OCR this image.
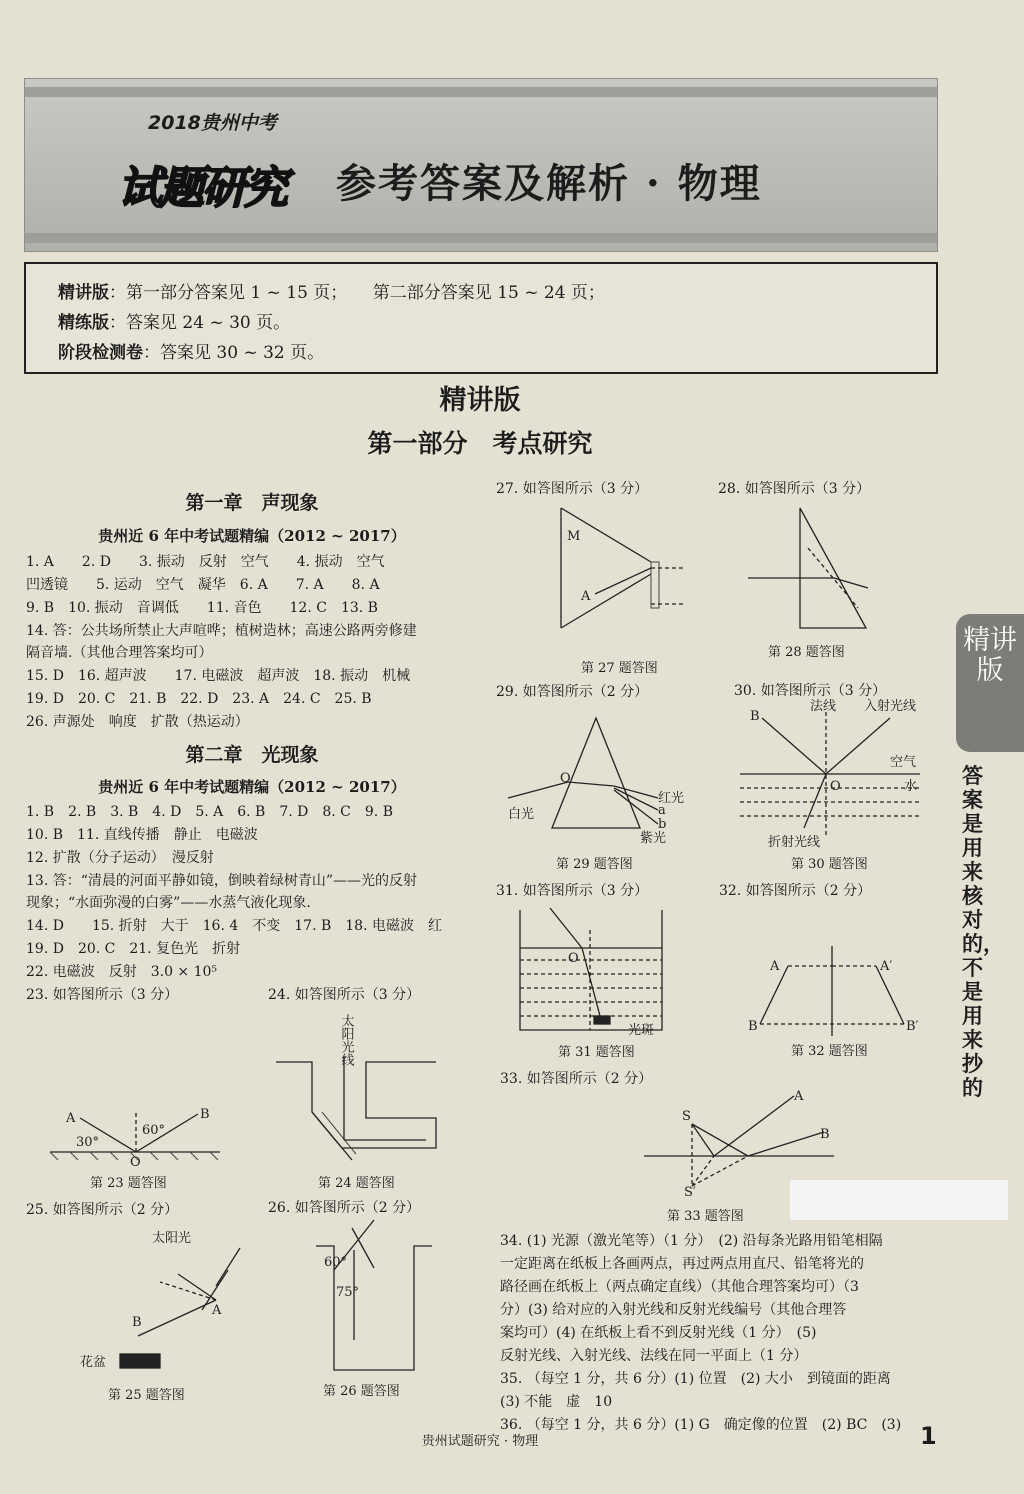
2018贵州中考
试题研究 参考答案及解析 · 物理
精讲版：第一部分答案见 1 ~ 15 页；　　第二部分答案见 15 ~ 24 页；
精练版：答案见 24 ~ 30 页。
阶段检测卷：答案见 30 ~ 32 页。
精讲版
第一部分　考点研究
第一章　声现象
贵州近 6 年中考试题精编（2012 ~ 2017）
1. A　　2. D　　3. 振动　反射　空气　　4. 振动　空气
凹透镜　　5. 运动　空气　凝华　6. A　　7. A　　8. A
9. B　10. 振动　音调低　　11. 音色　　12. C　13. B
14. 答：公共场所禁止大声喧哗；植树造林；高速公路两旁修建
隔音墙.（其他合理答案均可）
15. D　16. 超声波　　17. 电磁波　超声波　18. 振动　机械
19. D　20. C　21. B　22. D　23. A　24. C　25. B
26. 声源处　响度　扩散（热运动）
第二章　光现象
贵州近 6 年中考试题精编（2012 ~ 2017）
1. B　2. B　3. B　4. D　5. A　6. B　7. D　8. C　9. B
10. B　11. 直线传播　静止　电磁波
12. 扩散（分子运动）　漫反射
13. 答：“清晨的河面平静如镜，倒映着绿树青山”——光的反射
现象；“水面弥漫的白雾”——水蒸气液化现象.
14. D　　15. 折射　大于　16. 4　不变　17. B　18. 电磁波　红
19. D　20. C　21. 复色光　折射
22. 电磁波　反射　3.0 × 10⁵
23. 如答图所示（3 分）	24. 如答图所示（3 分）
A	B
O
30°
60°
第 23 题答图
太阳光线
第 24 题答图
25. 如答图所示（2 分）	26. 如答图所示（2 分）
太阳光
A
B
花盆
第 25 题答图
60°
75°
第 26 题答图
27. 如答图所示（3 分）	28. 如答图所示（3 分）
M
A
第 27 题答图
第 28 题答图
29. 如答图所示（2 分）	30. 如答图所示（3 分）
O
白光
红光
紫光
a
b
第 29 题答图
B
法线 入射光线
空气
水
O
折射光线
第 30 题答图
31. 如答图所示（3 分）	32. 如答图所示（2 分）
O
光斑
第 31 题答图
A	A′
B	B′
第 32 题答图
33. 如答图所示（2 分）
S
S′
A
B
第 33 题答图
34. (1) 光源（激光笔等）（1 分）　(2) 沿每条光路用铅笔相隔
一定距离在纸板上各画两点，再过两点用直尺、铅笔将光的
路径画在纸板上（两点确定直线）（其他合理答案均可）（3
分）(3) 给对应的入射光线和反射光线编号（其他合理答
案均可）(4) 在纸板上看不到反射光线（1 分）　(5)
反射光线、入射光线、法线在同一平面上（1 分）
35. （每空 1 分，共 6 分）(1) 位置　(2) 大小　到镜面的距离
(3) 不能　虚　10
36. （每空 1 分，共 6 分）(1) G　确定像的位置　(2) BC　(3)
精讲版
答案是用来核对的，不是用来抄的
贵州试题研究 · 物理	1
